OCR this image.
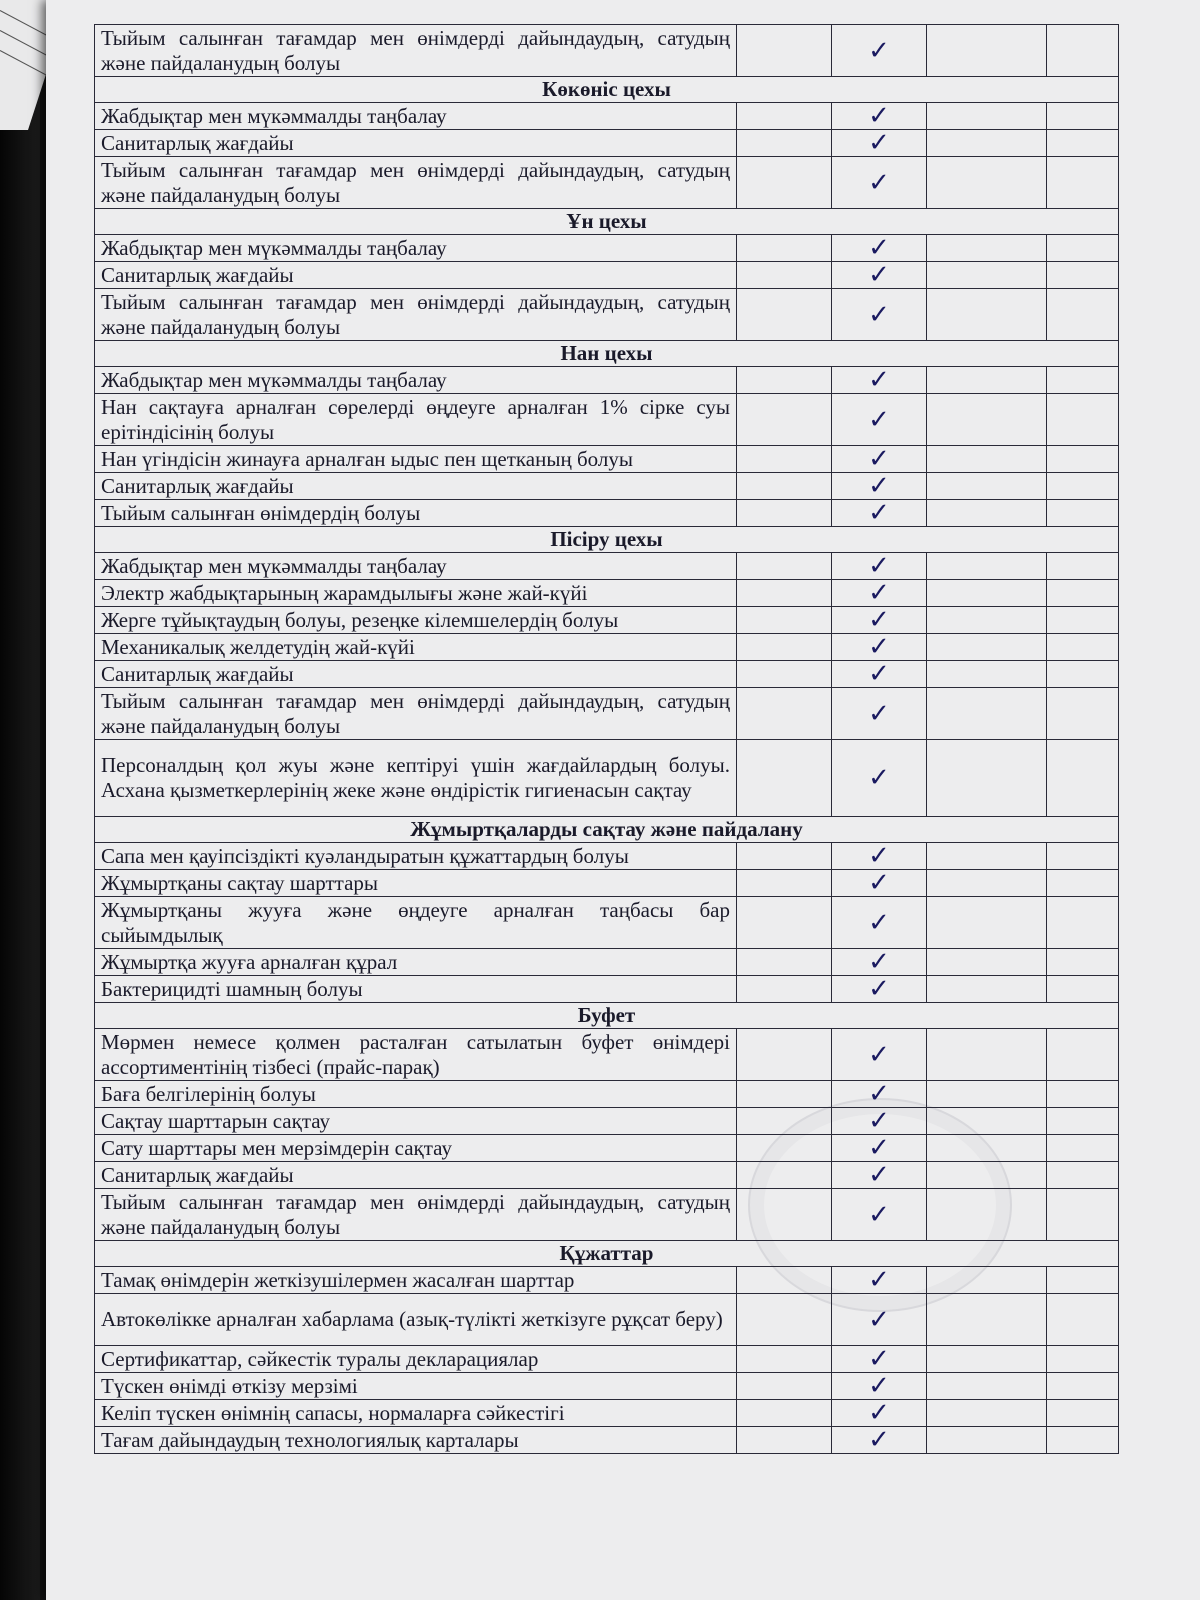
Тыйым салынған тағамдар мен өнімдерді дайындаудың, сатудың және пайдаланудың болуы		✓		
Көкөніс цехы				
Жабдықтар мен мүкәммалды таңбалау		✓		
Санитарлық жағдайы		✓		
Тыйым салынған тағамдар мен өнімдерді дайындаудың, сатудың және пайдаланудың болуы		✓		
Ұн цехы				
Жабдықтар мен мүкәммалды таңбалау		✓		
Санитарлық жағдайы		✓		
Тыйым салынған тағамдар мен өнімдерді дайындаудың, сатудың және пайдаланудың болуы		✓		
Нан цехы				
Жабдықтар мен мүкәммалды таңбалау		✓		
Нан сақтауға арналған сөрелерді өңдеуге арналған 1% сірке суы ерітіндісінің болуы		✓		
Нан үгіндісін жинауға арналған ыдыс пен щетканың болуы		✓		
Санитарлық жағдайы		✓		
Тыйым салынған өнімдердің болуы		✓		
Пісіру цехы				
Жабдықтар мен мүкәммалды таңбалау		✓		
Электр жабдықтарының жарамдылығы және жай-күйі		✓		
Жерге тұйықтаудың болуы, резеңке кілемшелердің болуы		✓		
Механикалық желдетудің жай-күйі		✓		
Санитарлық жағдайы		✓		
Тыйым салынған тағамдар мен өнімдерді дайындаудың, сатудың және пайдаланудың болуы		✓		
Персоналдың қол жуы және кептіруі үшін жағдайлардың болуы. Асхана қызметкерлерінің жеке және өндірістік гигиенасын сақтау		✓		
Жұмыртқаларды сақтау және пайдалану				
Сапа мен қауіпсіздікті куәландыратын құжаттардың болуы		✓		
Жұмыртқаны сақтау шарттары		✓		
Жұмыртқаны жууға және өңдеуге арналған таңбасы бар сыйымдылық		✓		
Жұмыртқа жууға арналған құрал		✓		
Бактерицидті шамның болуы		✓		
Буфет				
Мөрмен немесе қолмен расталған сатылатын буфет өнімдері ассортиментінің тізбесі (прайс-парақ)		✓		
Баға белгілерінің болуы		✓		
Сақтау шарттарын сақтау		✓		
Сату шарттары мен мерзімдерін сақтау		✓		
Санитарлық жағдайы		✓		
Тыйым салынған тағамдар мен өнімдерді дайындаудың, сатудың және пайдаланудың болуы		✓		
Құжаттар				
Тамақ өнімдерін жеткізушілермен жасалған шарттар		✓		
Автокөлікке арналған хабарлама (азық-түлікті жеткізуге рұқсат беру)		✓		
Сертификаттар, сәйкестік туралы декларациялар		✓		
Түскен өнімді өткізу мерзімі		✓		
Келіп түскен өнімнің сапасы, нормаларға сәйкестігі		✓		
Тағам дайындаудың технологиялық карталары		✓		
